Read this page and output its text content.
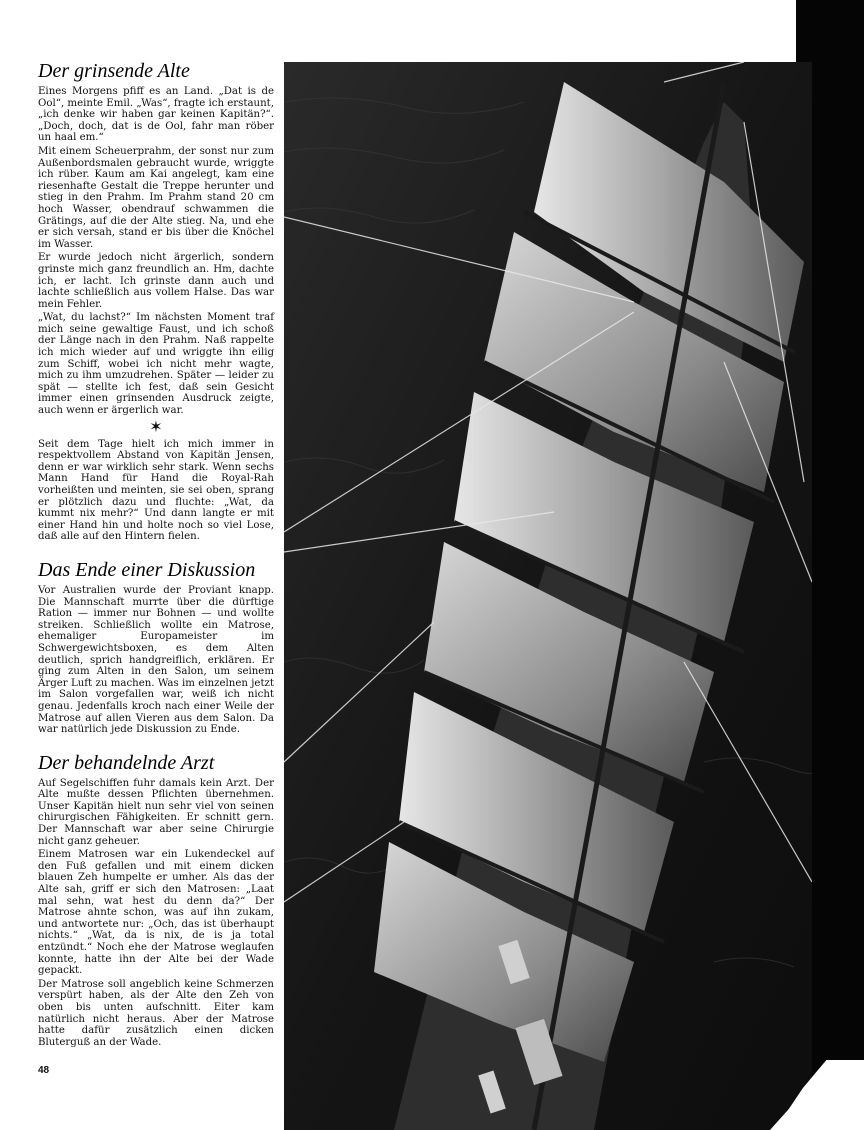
Der grinsende Alte

Eines Morgens pfiff es an Land. „Dat is de Ool“, meinte Emil. „Was“, fragte ich erstaunt, „ich denke wir haben gar keinen Kapitän?“. „Doch, doch, dat is de Ool, fahr man röber un haal em.“

Mit einem Scheuerprahm, der sonst nur zum Außenbordsmalen gebraucht wurde, wriggte ich rüber. Kaum am Kai angelegt, kam eine riesenhafte Gestalt die Treppe herunter und stieg in den Prahm. Im Prahm stand 20 cm hoch Wasser, obendrauf schwammen die Grätings, auf die der Alte stieg. Na, und ehe er sich versah, stand er bis über die Knöchel im Wasser.

Er wurde jedoch nicht ärgerlich, sondern grinste mich ganz freundlich an. Hm, dachte ich, er lacht. Ich grinste dann auch und lachte schließlich aus vollem Halse. Das war mein Fehler.

„Wat, du lachst?“ Im nächsten Moment traf mich seine gewaltige Faust, und ich schoß der Länge nach in den Prahm. Naß rappelte ich mich wieder auf und wriggte ihn eilig zum Schiff, wobei ich nicht mehr wagte, mich zu ihm umzudrehen. Später — leider zu spät — stellte ich fest, daß sein Gesicht immer einen grinsenden Ausdruck zeigte, auch wenn er ärgerlich war.

✶

Seit dem Tage hielt ich mich immer in respektvollem Abstand von Kapitän Jensen, denn er war wirklich sehr stark. Wenn sechs Mann Hand für Hand die Royal-Rah vorheißten und meinten, sie sei oben, sprang er plötzlich dazu und fluchte: „Wat, da kummt nix mehr?“ Und dann langte er mit einer Hand hin und holte noch so viel Lose, daß alle auf den Hintern fielen.

Das Ende einer Diskussion

Vor Australien wurde der Proviant knapp. Die Mannschaft murrte über die dürftige Ration — immer nur Bohnen — und wollte streiken. Schließlich wollte ein Matrose, ehemaliger Europameister im Schwergewichtsboxen, es dem Alten deutlich, sprich handgreiflich, erklären. Er ging zum Alten in den Salon, um seinem Ärger Luft zu machen. Was im einzelnen jetzt im Salon vorgefallen war, weiß ich nicht genau. Jedenfalls kroch nach einer Weile der Matrose auf allen Vieren aus dem Salon. Da war natürlich jede Diskussion zu Ende.

Der behandelnde Arzt

Auf Segelschiffen fuhr damals kein Arzt. Der Alte mußte dessen Pflichten übernehmen. Unser Kapitän hielt nun sehr viel von seinen chirurgischen Fähigkeiten. Er schnitt gern. Der Mannschaft war aber seine Chirurgie nicht ganz geheuer.

Einem Matrosen war ein Lukendeckel auf den Fuß gefallen und mit einem dicken blauen Zeh humpelte er umher. Als das der Alte sah, griff er sich den Matrosen: „Laat mal sehn, wat hest du denn da?“ Der Matrose ahnte schon, was auf ihn zukam, und antwortete nur: „Och, das ist überhaupt nichts.“ „Wat, da is nix, de is ja total entzündt.“ Noch ehe der Matrose weglaufen konnte, hatte ihn der Alte bei der Wade gepackt.

Der Matrose soll angeblich keine Schmerzen verspürt haben, als der Alte den Zeh von oben bis unten aufschnitt. Eiter kam natürlich nicht heraus. Aber der Matrose hatte dafür zusätzlich einen dicken Bluterguß an der Wade.

48
